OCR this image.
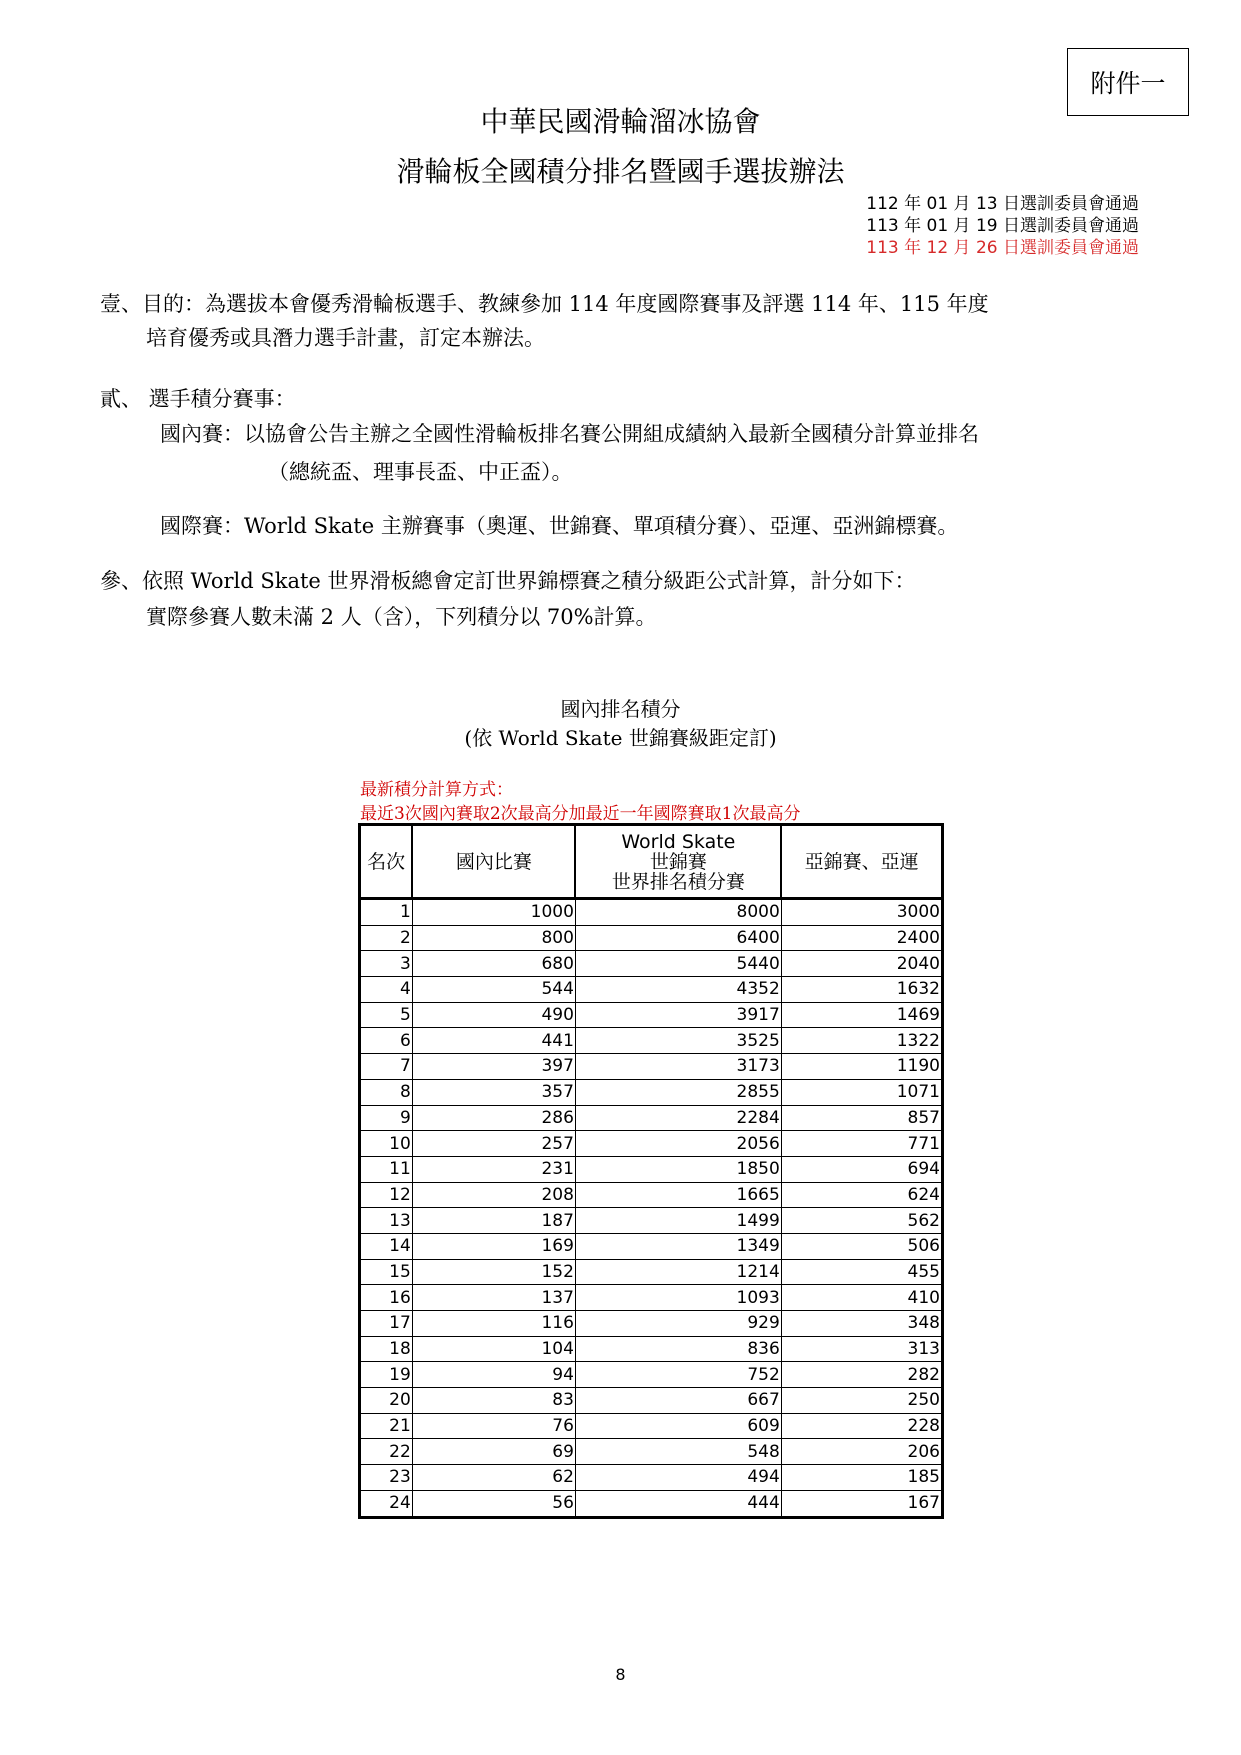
附件一
中華民國滑輪溜冰協會
滑輪板全國積分排名暨國手選拔辦法
112 年 01 月 13 日選訓委員會通過
113 年 01 月 19 日選訓委員會通過
113 年 12 月 26 日選訓委員會通過
壹、目的：為選拔本會優秀滑輪板選手、教練參加 114 年度國際賽事及評選 114 年、115 年度
培育優秀或具潛力選手計畫，訂定本辦法。
貳、 選手積分賽事：
國內賽：以協會公告主辦之全國性滑輪板排名賽公開組成績納入最新全國積分計算並排名
（總統盃、理事長盃、中正盃）。
國際賽：World Skate 主辦賽事（奧運、世錦賽、單項積分賽）、亞運、亞洲錦標賽。
參、依照 World Skate 世界滑板總會定訂世界錦標賽之積分級距公式計算，計分如下：
實際參賽人數未滿 2 人（含），下列積分以 70%計算。
國內排名積分
(依 World Skate 世錦賽級距定訂)
最新積分計算方式：
最近3次國內賽取2次最高分加最近一年國際賽取1次最高分
名次	國內比賽	World Skate
世錦賽
世界排名積分賽	亞錦賽、亞運
1	1000	8000	3000
2	800	6400	2400
3	680	5440	2040
4	544	4352	1632
5	490	3917	1469
6	441	3525	1322
7	397	3173	1190
8	357	2855	1071
9	286	2284	857
10	257	2056	771
11	231	1850	694
12	208	1665	624
13	187	1499	562
14	169	1349	506
15	152	1214	455
16	137	1093	410
17	116	929	348
18	104	836	313
19	94	752	282
20	83	667	250
21	76	609	228
22	69	548	206
23	62	494	185
24	56	444	167
8
